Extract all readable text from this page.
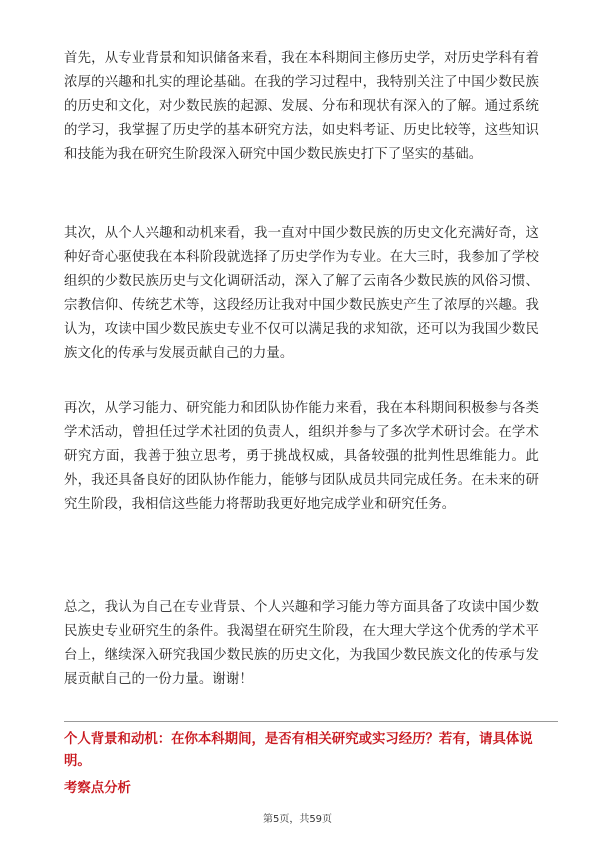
首先，从专业背景和知识储备来看，我在本科期间主修历史学，对历史学科有着浓厚的兴趣和扎实的理论基础。在我的学习过程中，我特别关注了中国少数民族的历史和文化，对少数民族的起源、发展、分布和现状有深入的了解。通过系统的学习，我掌握了历史学的基本研究方法，如史料考证、历史比较等，这些知识和技能为我在研究生阶段深入研究中国少数民族史打下了坚实的基础。

其次，从个人兴趣和动机来看，我一直对中国少数民族的历史文化充满好奇，这种好奇心驱使我在本科阶段就选择了历史学作为专业。在大三时，我参加了学校组织的少数民族历史与文化调研活动，深入了解了云南各少数民族的风俗习惯、宗教信仰、传统艺术等，这段经历让我对中国少数民族史产生了浓厚的兴趣。我认为，攻读中国少数民族史专业不仅可以满足我的求知欲，还可以为我国少数民族文化的传承与发展贡献自己的力量。

再次，从学习能力、研究能力和团队协作能力来看，我在本科期间积极参与各类学术活动，曾担任过学术社团的负责人，组织并参与了多次学术研讨会。在学术研究方面，我善于独立思考，勇于挑战权威，具备较强的批判性思维能力。此外，我还具备良好的团队协作能力，能够与团队成员共同完成任务。在未来的研究生阶段，我相信这些能力将帮助我更好地完成学业和研究任务。

总之，我认为自己在专业背景、个人兴趣和学习能力等方面具备了攻读中国少数民族史专业研究生的条件。我渴望在研究生阶段，在大理大学这个优秀的学术平台上，继续深入研究我国少数民族的历史文化，为我国少数民族文化的传承与发展贡献自己的一份力量。谢谢！

个人背景和动机：在你本科期间，是否有相关研究或实习经历？若有，请具体说明。

考察点分析

第5页，共59页
